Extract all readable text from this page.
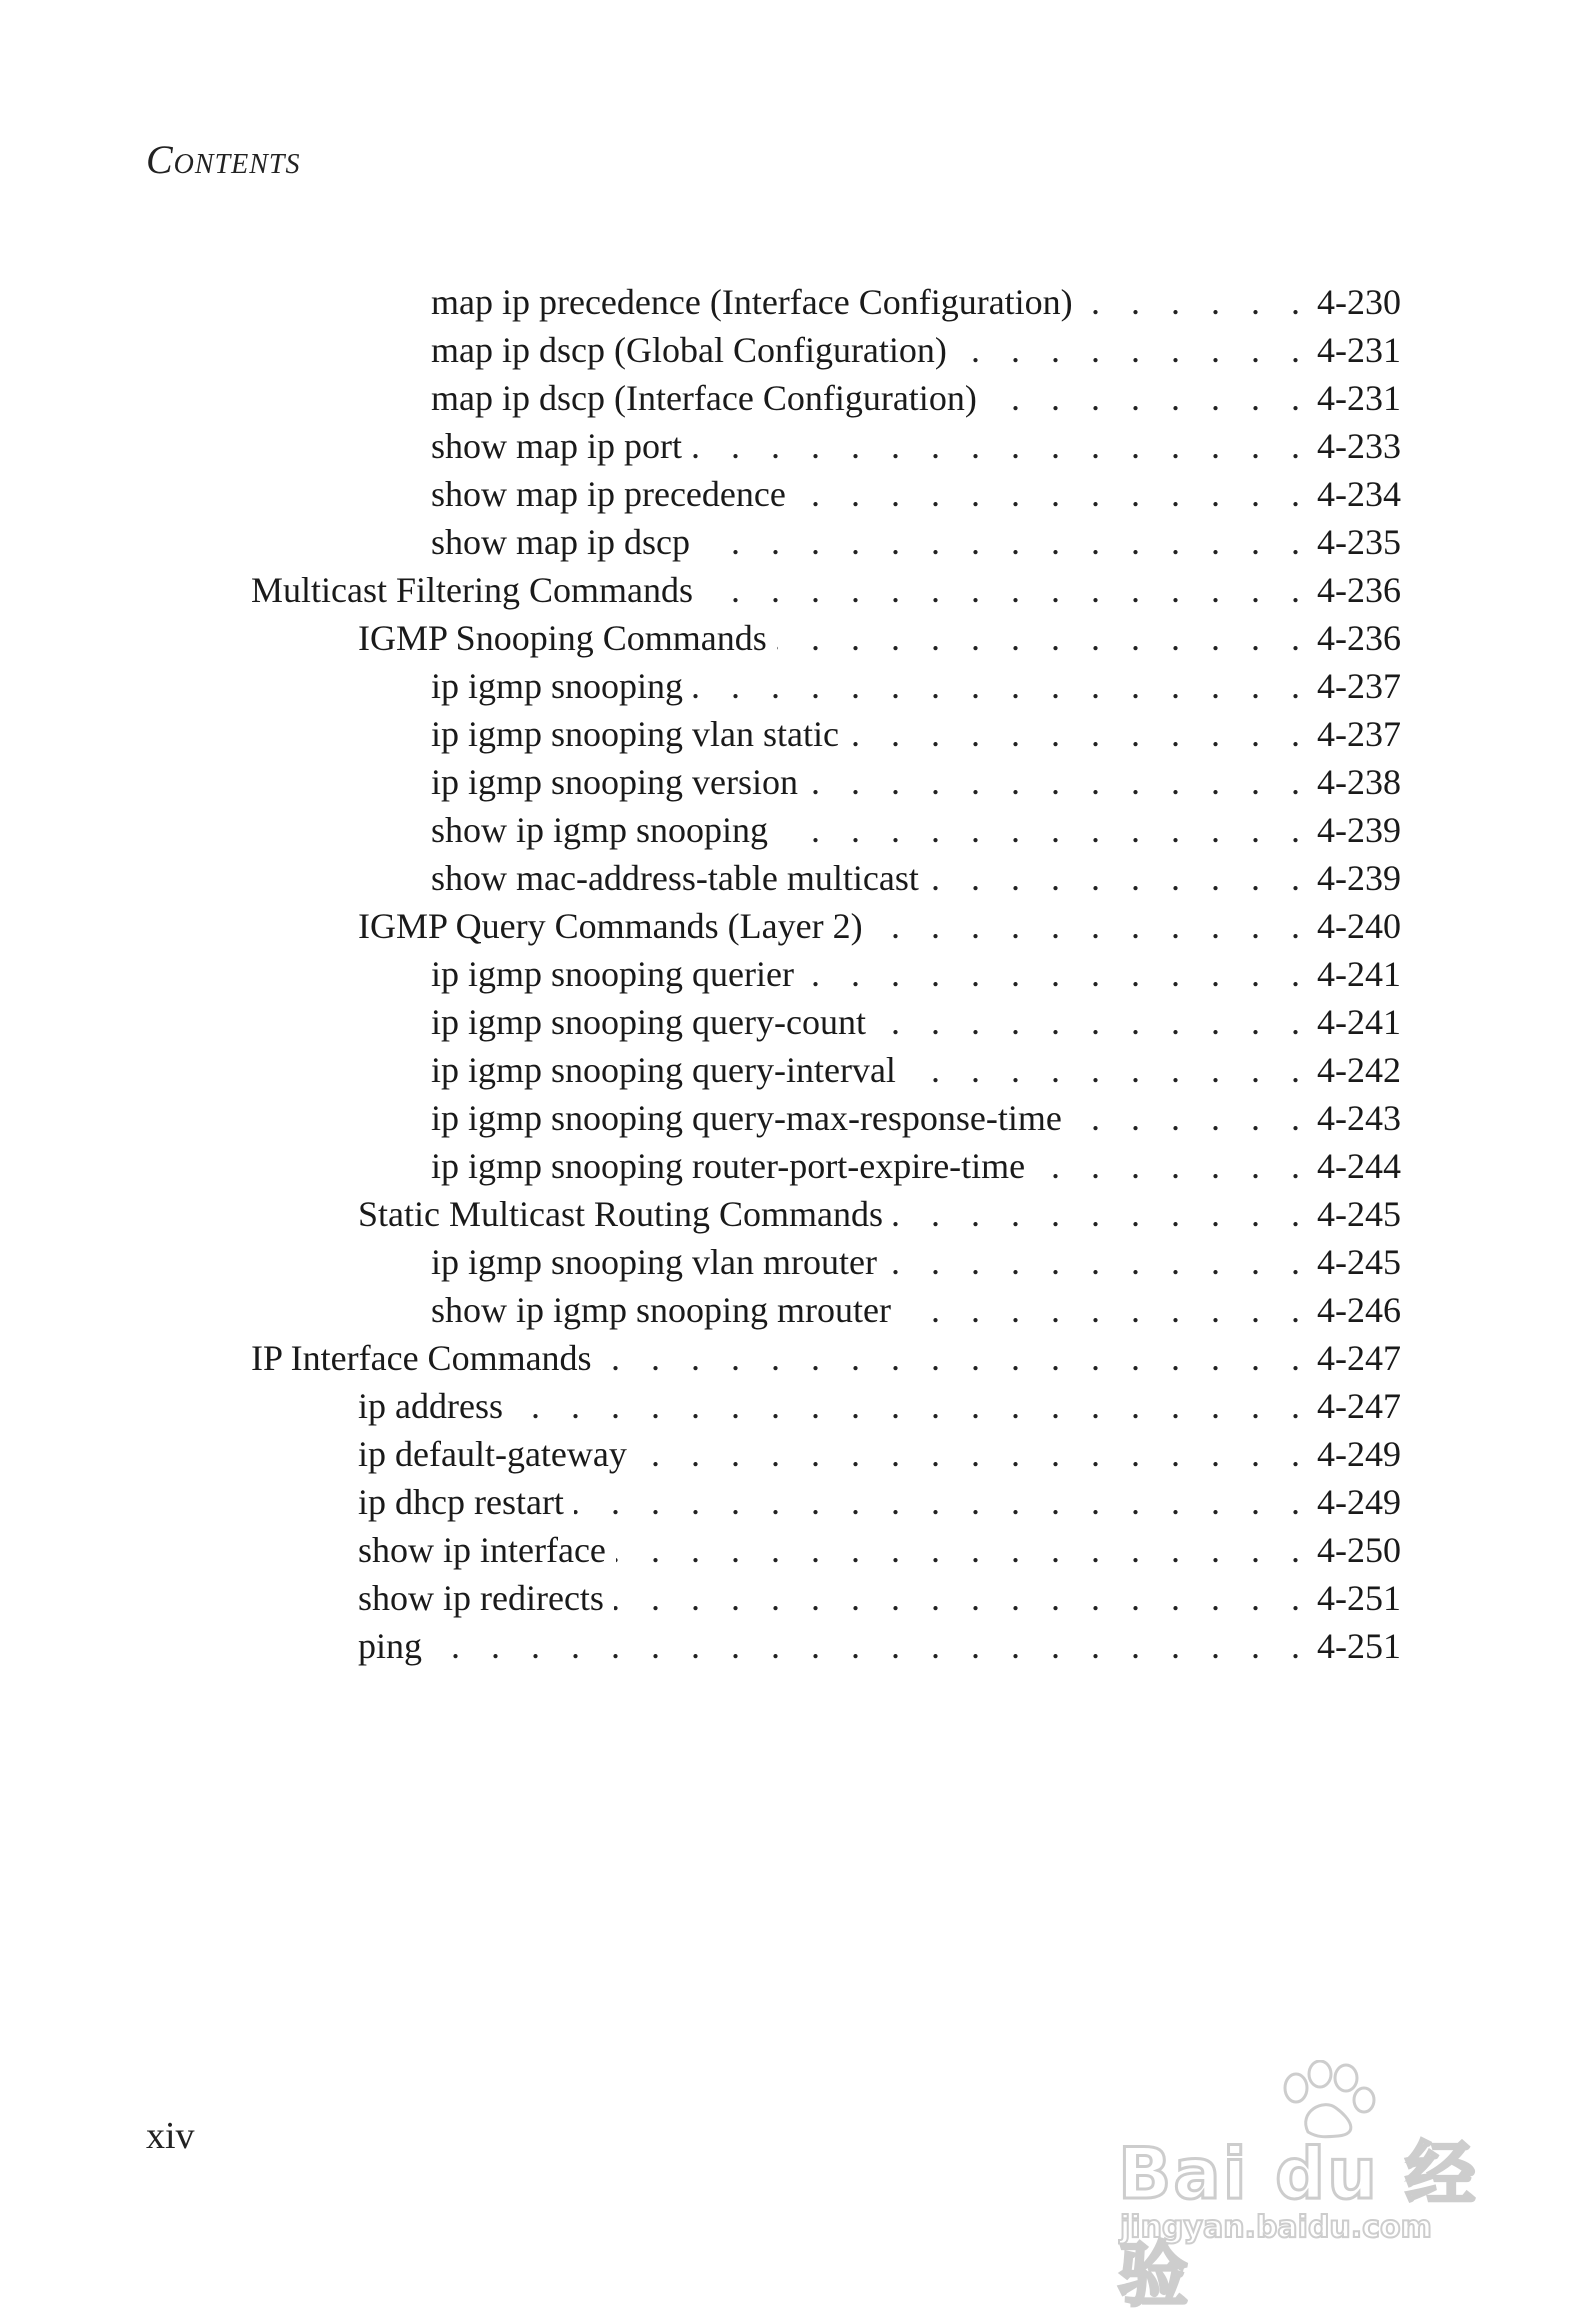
Contents
map ip precedence (Interface Configuration) . . .	4-230
map ip dscp (Global Configuration) . . .	4-231
map ip dscp (Interface Configuration) . . .	4-231
show map ip port . . .	4-233
show map ip precedence . . .	4-234
show map ip dscp . . .	4-235
Multicast Filtering Commands . . .	4-236
IGMP Snooping Commands . . .	4-236
ip igmp snooping . . .	4-237
ip igmp snooping vlan static . . .	4-237
ip igmp snooping version . . .	4-238
show ip igmp snooping . . .	4-239
show mac-address-table multicast . . .	4-239
IGMP Query Commands (Layer 2) . . .	4-240
ip igmp snooping querier . . .	4-241
ip igmp snooping query-count . . .	4-241
ip igmp snooping query-interval . . .	4-242
ip igmp snooping query-max-response-time . . .	4-243
ip igmp snooping router-port-expire-time . . .	4-244
Static Multicast Routing Commands . . .	4-245
ip igmp snooping vlan mrouter . . .	4-245
show ip igmp snooping mrouter . . .	4-246
IP Interface Commands . . .	4-247
ip address . . .	4-247
ip default-gateway . . .	4-249
ip dhcp restart . . .	4-249
show ip interface . . .	4-250
show ip redirects . . .	4-251
ping . . .	4-251
xiv	Bai du 经验
jingyan.baidu.com
